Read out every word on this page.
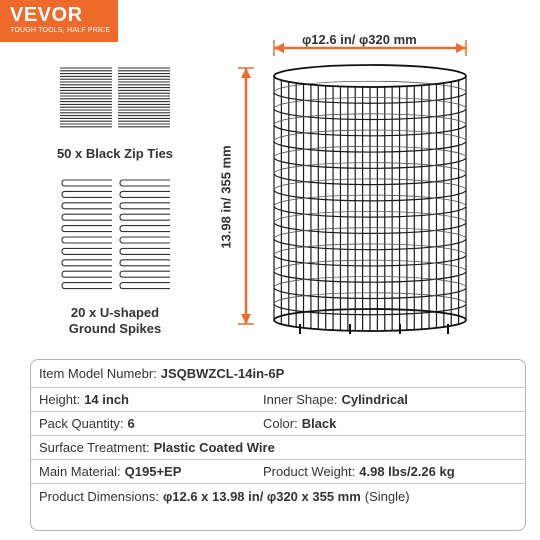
VEVOR
TOUGH TOOLS, HALF PRICE
50 x Black Zip Ties
20 x U-shaped
Ground Spikes
φ12.6 in/ φ320 mm
13.98 in/ 355 mm
Item Model Numebr: JSQBWZCL-14in-6P
Height: 14 inch	Inner Shape: Cylindrical
Pack Quantity: 6	Color: Black
Surface Treatment: Plastic Coated Wire
Main Material: Q195+EP	Product Weight: 4.98 lbs/2.26 kg
Product Dimensions: φ12.6 x 13.98 in/ φ320 x 355 mm (Single)
